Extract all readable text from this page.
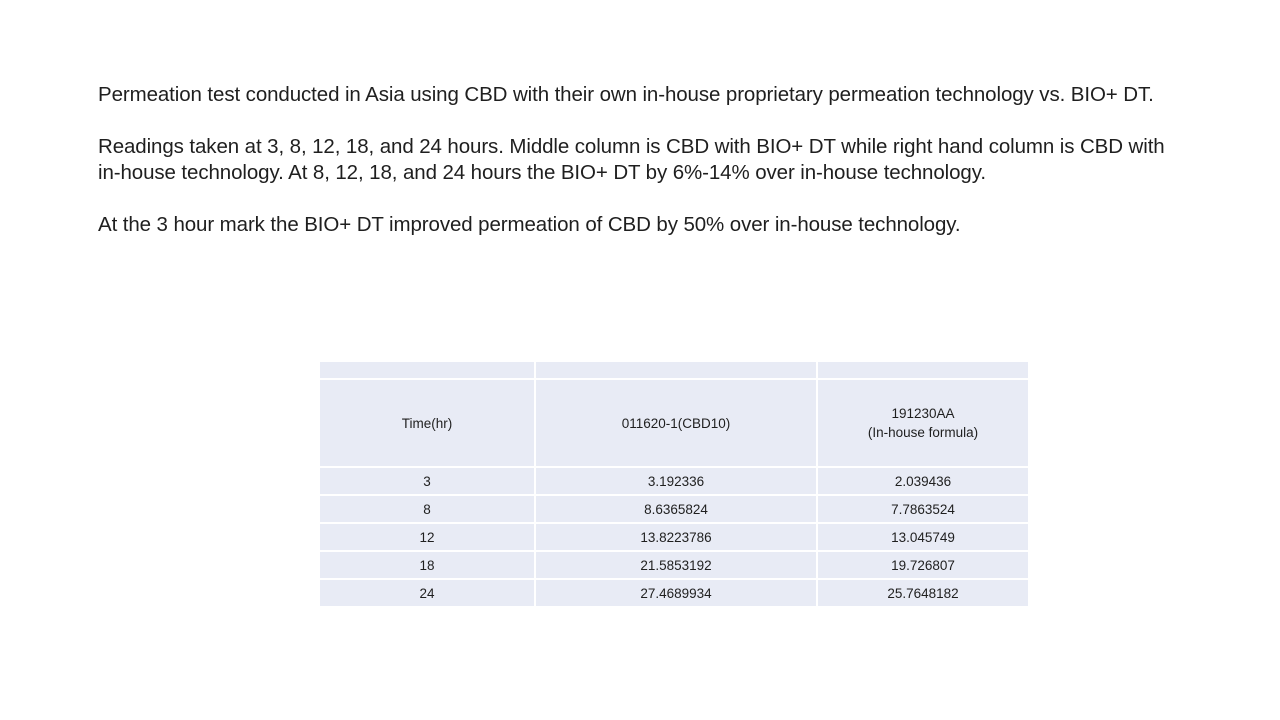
Permeation test conducted in Asia using CBD with their own in-house proprietary permeation technology vs. BIO+ DT.

Readings taken at 3, 8, 12, 18, and 24 hours. Middle column is CBD with BIO+ DT while right hand column is CBD with in-house technology. At 8, 12, 18, and 24 hours the BIO+ DT by 6%-14% over in-house technology.

At the 3 hour mark the BIO+ DT improved permeation of CBD by 50% over in-house technology.

Time(hr)	011620-1(CBD10)	191230AA
(In-house formula)

3	3.192336	2.039436
8	8.6365824	7.7863524
12	13.8223786	13.045749
18	21.5853192	19.726807
24	27.4689934	25.7648182
